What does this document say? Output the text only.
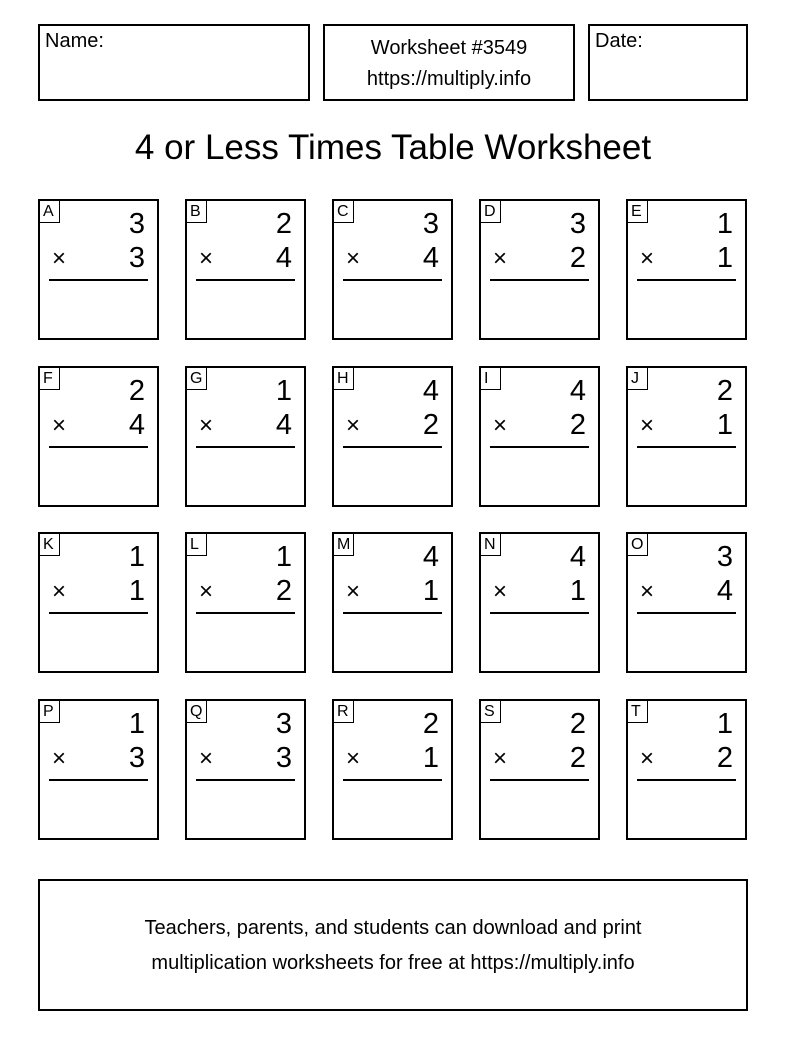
Name:	Worksheet #3549
https://multiply.info
Date:
4 or Less Times Table Worksheet
A	3
× 3
B	2
× 4
C	3
× 4
D	3
× 2
E	1
× 1
F	2
× 4
G	1
× 4
H	4
× 2
I	4
× 2
J	2
× 1
K	1
× 1
L	1
× 2
M	4
× 1
N	4
× 1
O	3
× 4
P	1
× 3
Q	3
× 3
R	2
× 1
S	2
× 2
T	1
× 2
Teachers, parents, and students can download and print
multiplication worksheets for free at https://multiply.info
